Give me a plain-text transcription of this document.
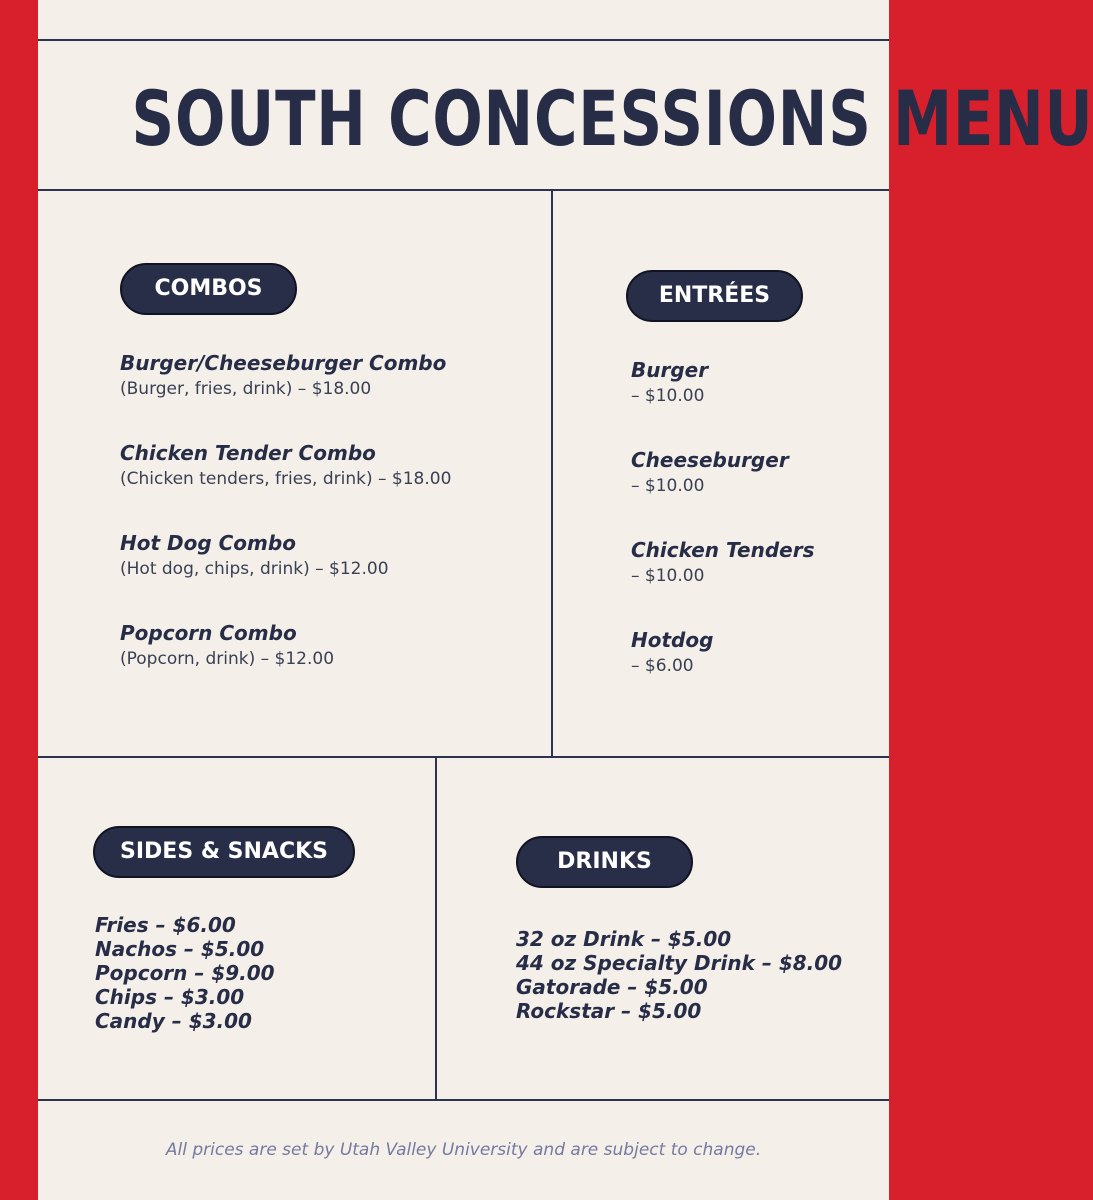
SOUTH CONCESSIONS MENU
COMBOS
Burger/Cheeseburger Combo
(Burger, fries, drink) – $18.00
Chicken Tender Combo
(Chicken tenders, fries, drink) – $18.00
Hot Dog Combo
(Hot dog, chips, drink) – $12.00
Popcorn Combo
(Popcorn, drink) – $12.00
ENTRÉES
Burger
– $10.00
Cheeseburger
– $10.00
Chicken Tenders
– $10.00
Hotdog
– $6.00
SIDES & SNACKS
Fries – $6.00
Nachos – $5.00
Popcorn – $9.00
Chips – $3.00
Candy – $3.00
DRINKS
32 oz Drink – $5.00
44 oz Specialty Drink – $8.00
Gatorade – $5.00
Rockstar – $5.00
All prices are set by Utah Valley University and are subject to change.
